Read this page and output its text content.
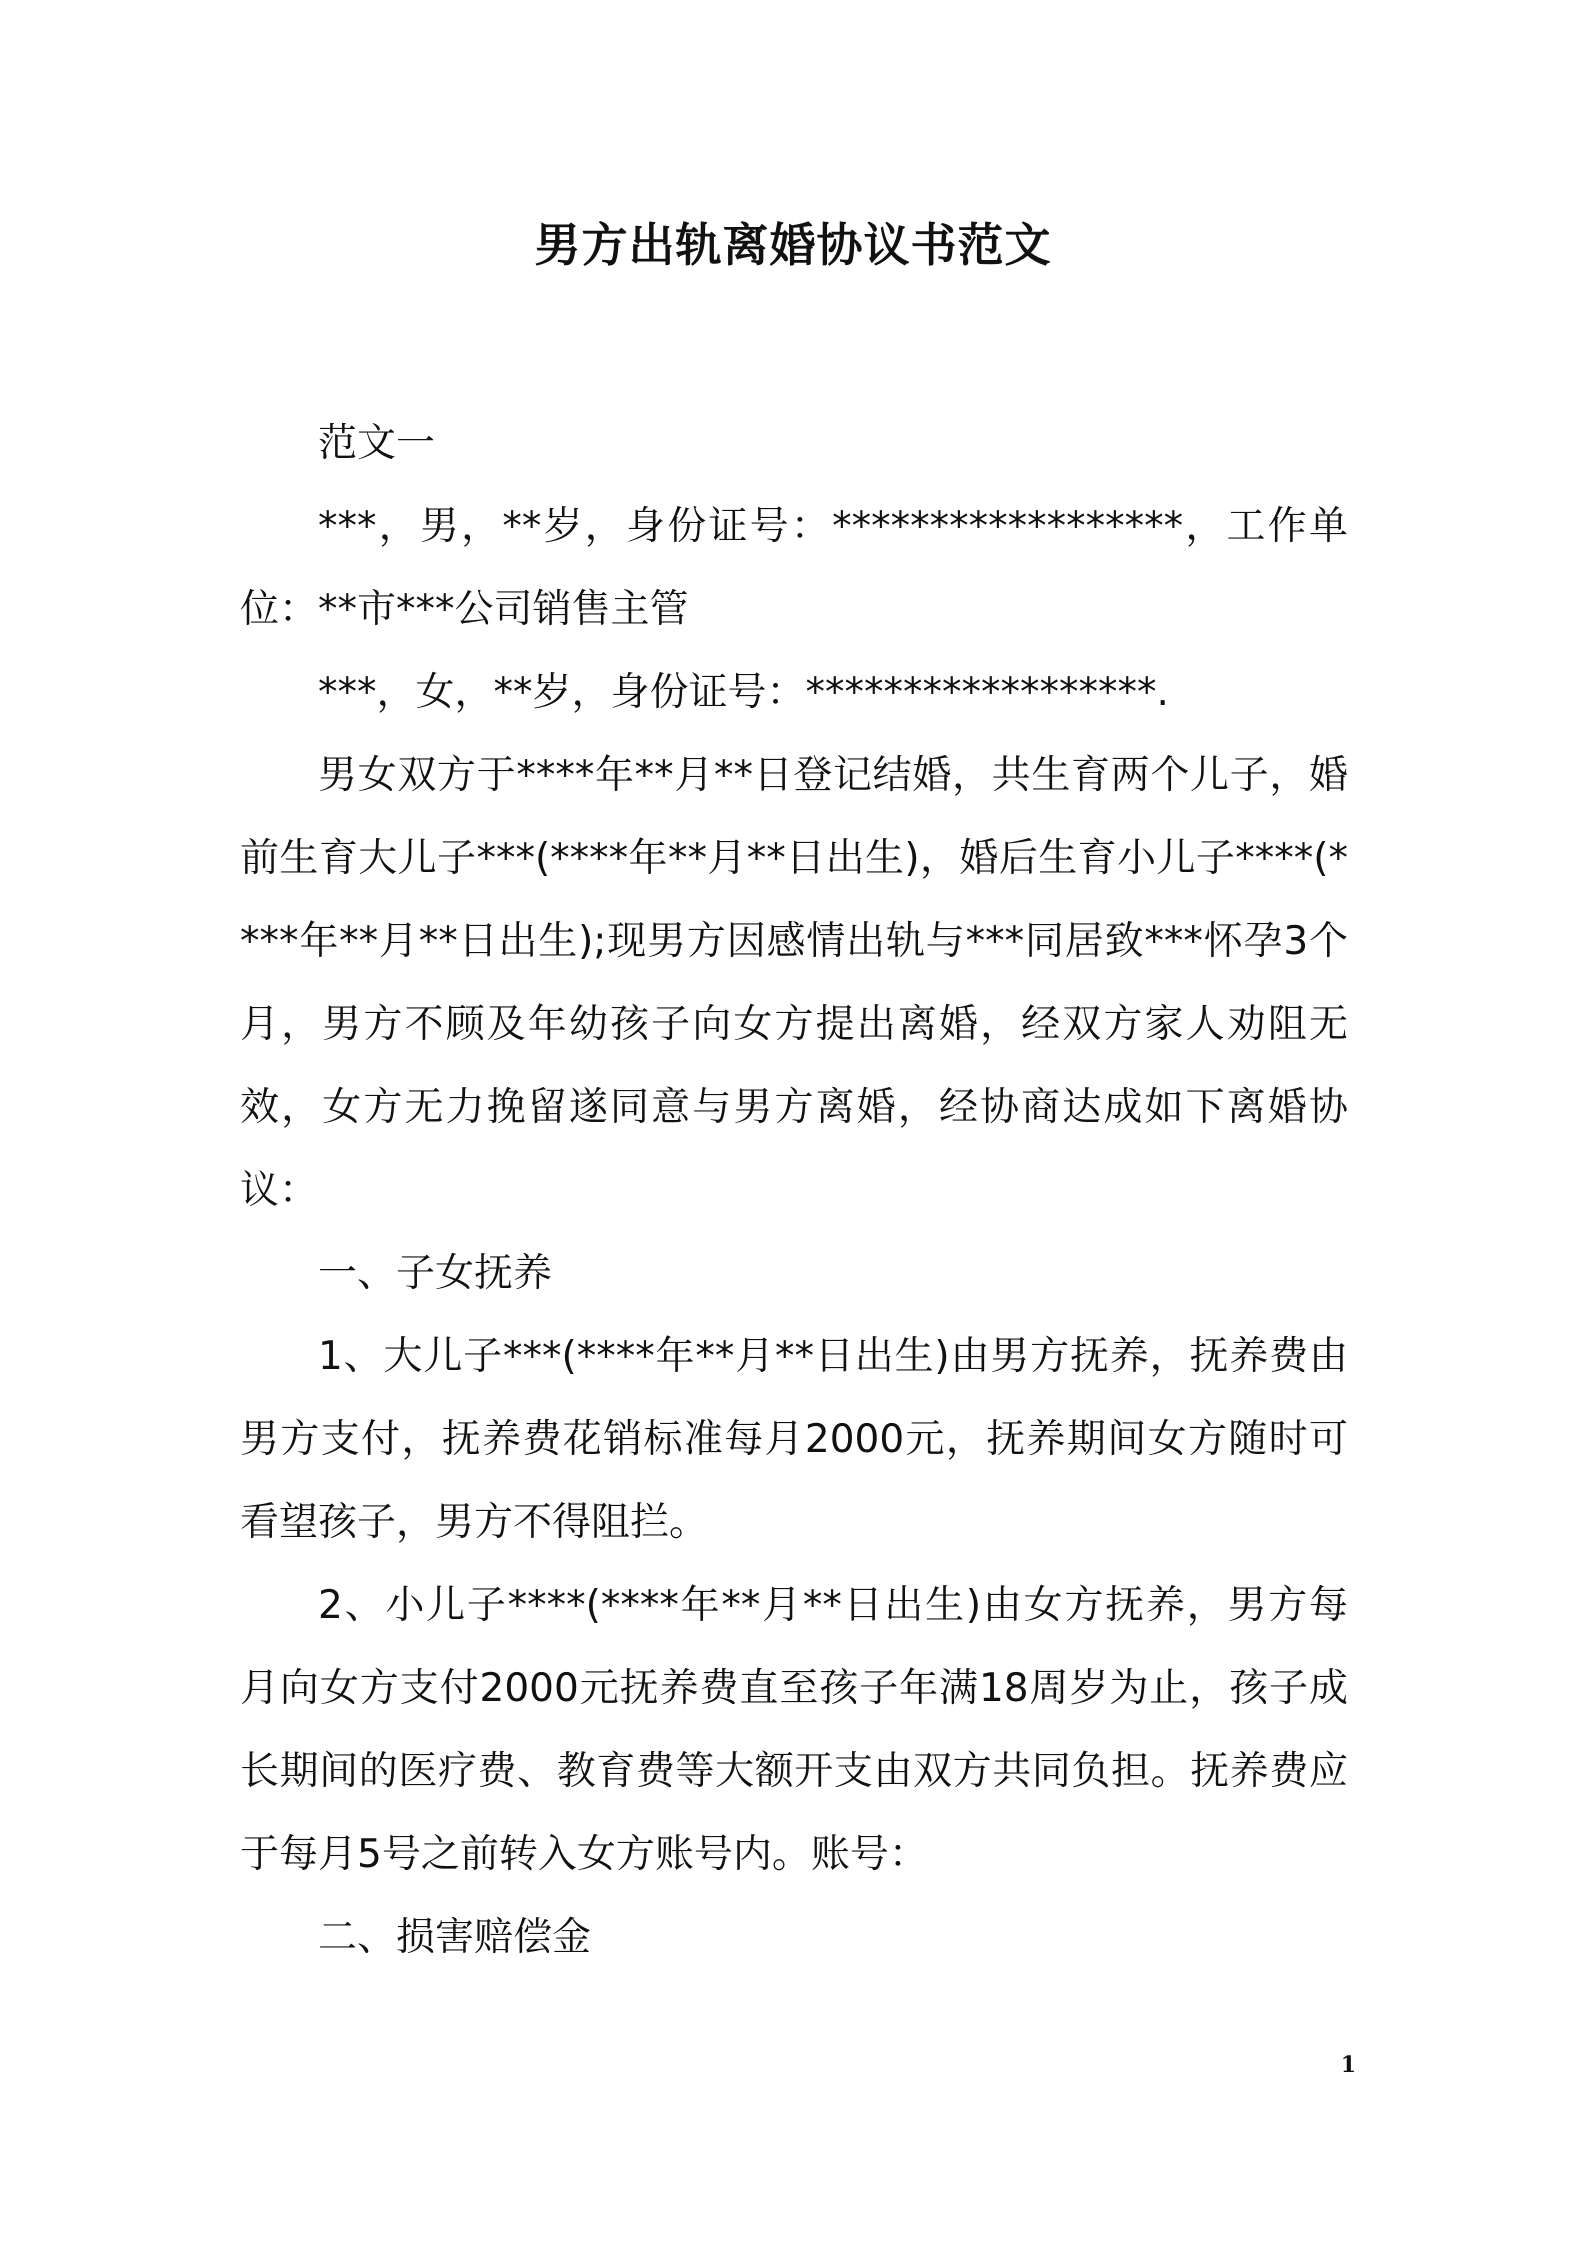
男方出轨离婚协议书范文

范文一

***，男，**岁，身份证号：******************，工作单位：**市***公司销售主管

***，女，**岁，身份证号：******************.

男女双方于****年**月**日登记结婚，共生育两个儿子，婚前生育大儿子***(****年**月**日出生)，婚后生育小儿子****(****年**月**日出生);现男方因感情出轨与***同居致***怀孕3个月，男方不顾及年幼孩子向女方提出离婚，经双方家人劝阻无效，女方无力挽留遂同意与男方离婚，经协商达成如下离婚协议：

一、子女抚养

1、大儿子***(****年**月**日出生)由男方抚养，抚养费由男方支付，抚养费花销标准每月2000元，抚养期间女方随时可看望孩子，男方不得阻拦。

2、小儿子****(****年**月**日出生)由女方抚养，男方每月向女方支付2000元抚养费直至孩子年满18周岁为止，孩子成长期间的医疗费、教育费等大额开支由双方共同负担。抚养费应于每月5号之前转入女方账号内。账号：

二、损害赔偿金

1
